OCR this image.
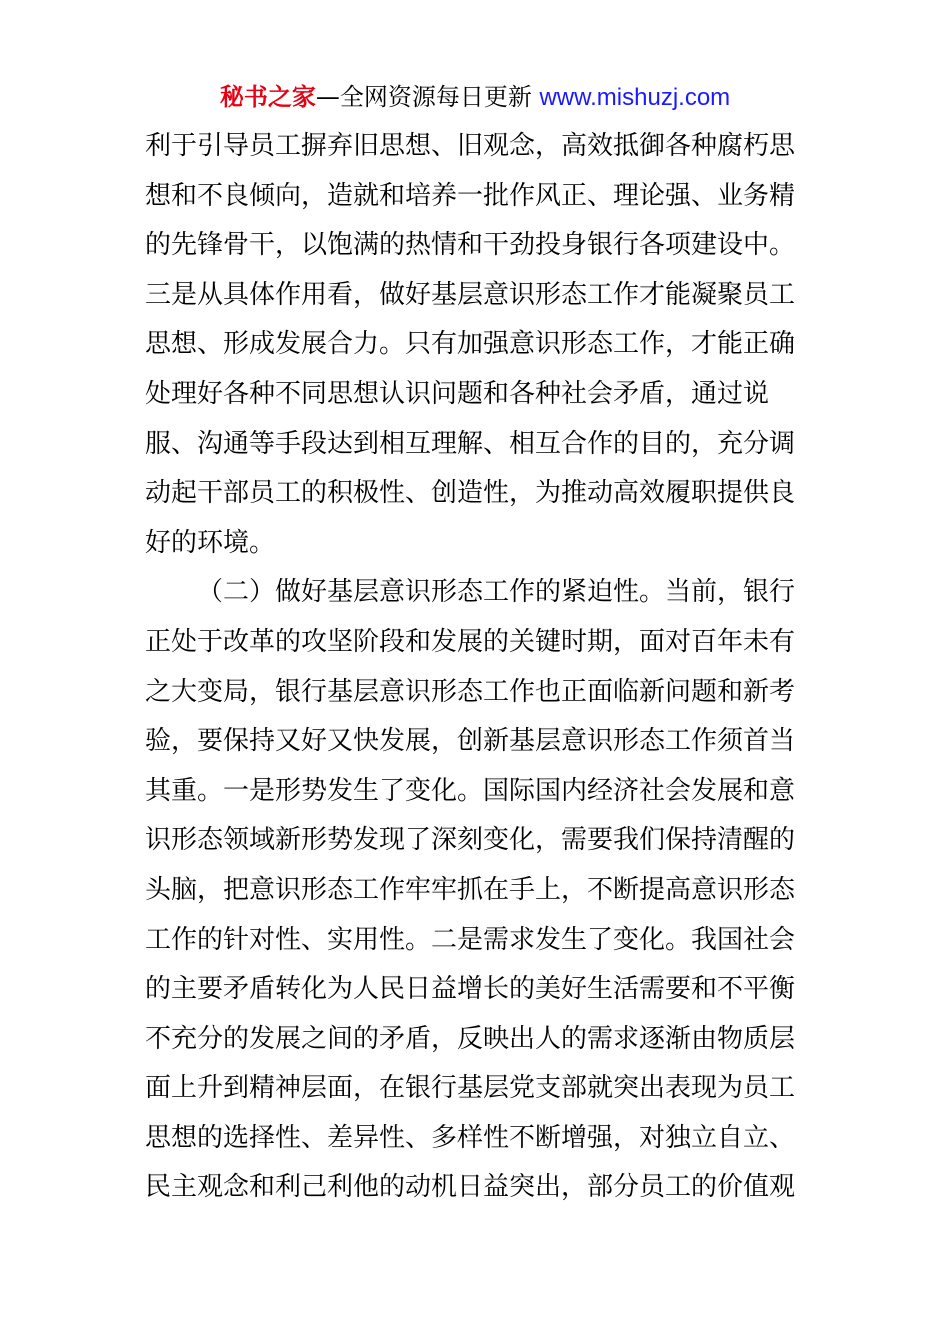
秘书之家—全网资源每日更新 www.mishuzj.com
利于引导员工摒弃旧思想、旧观念，高效抵御各种腐朽思
想和不良倾向，造就和培养一批作风正、理论强、业务精
的先锋骨干，以饱满的热情和干劲投身银行各项建设中。
三是从具体作用看，做好基层意识形态工作才能凝聚员工
思想、形成发展合力。只有加强意识形态工作，才能正确
处理好各种不同思想认识问题和各种社会矛盾，通过说
服、沟通等手段达到相互理解、相互合作的目的，充分调
动起干部员工的积极性、创造性，为推动高效履职提供良
好的环境。
（二）做好基层意识形态工作的紧迫性。当前，银行
正处于改革的攻坚阶段和发展的关键时期，面对百年未有
之大变局，银行基层意识形态工作也正面临新问题和新考
验，要保持又好又快发展，创新基层意识形态工作须首当
其重。一是形势发生了变化。国际国内经济社会发展和意
识形态领域新形势发现了深刻变化，需要我们保持清醒的
头脑，把意识形态工作牢牢抓在手上，不断提高意识形态
工作的针对性、实用性。二是需求发生了变化。我国社会
的主要矛盾转化为人民日益增长的美好生活需要和不平衡
不充分的发展之间的矛盾，反映出人的需求逐渐由物质层
面上升到精神层面，在银行基层党支部就突出表现为员工
思想的选择性、差异性、多样性不断增强，对独立自立、
民主观念和利己利他的动机日益突出，部分员工的价值观
